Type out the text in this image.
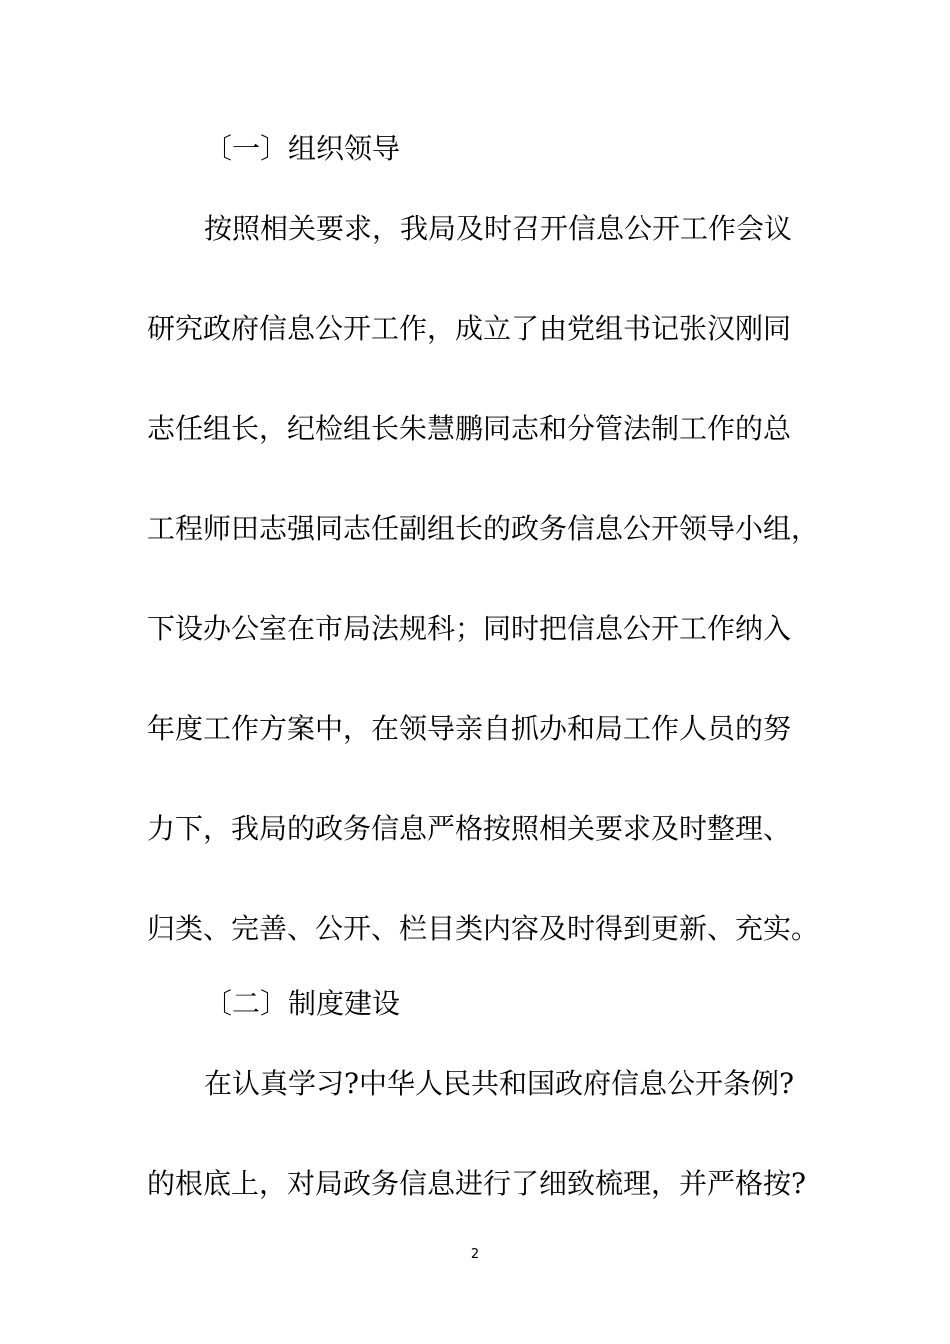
〔一〕组织领导
按照相关要求，我局及时召开信息公开工作会议
研究政府信息公开工作，成立了由党组书记张汉刚同
志任组长，纪检组长朱慧鹏同志和分管法制工作的总
工程师田志强同志任副组长的政务信息公开领导小组，
下设办公室在市局法规科；同时把信息公开工作纳入
年度工作方案中，在领导亲自抓办和局工作人员的努
力下，我局的政务信息严格按照相关要求及时整理、
归类、完善、公开、栏目类内容及时得到更新、充实。
〔二〕制度建设
在认真学习?中华人民共和国政府信息公开条例?
的根底上，对局政务信息进行了细致梳理，并严格按?
2
